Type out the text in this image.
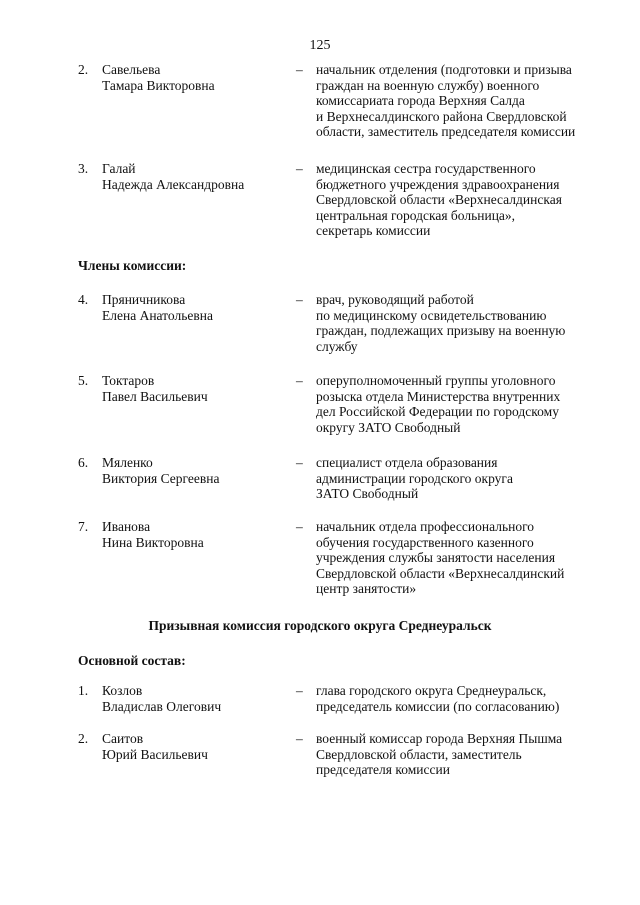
125
2.	Савельева
Тамара Викторовна
– начальник отделения (подготовки и призыва
граждан на военную службу) военного
комиссариата города Верхняя Салда
и Верхнесалдинского района Свердловской
области, заместитель председателя комиссии
3.	Галай
Надежда Александровна
– медицинская сестра государственного
бюджетного учреждения здравоохранения
Свердловской области «Верхнесалдинская
центральная городская больница»,
секретарь комиссии
Члены комиссии:
4.	Пряничникова
Елена Анатольевна
– врач, руководящий работой
по медицинскому освидетельствованию
граждан, подлежащих призыву на военную
службу
5.	Токтаров
Павел Васильевич
– оперуполномоченный группы уголовного
розыска отдела Министерства внутренних
дел Российской Федерации по городскому
округу ЗАТО Свободный
6.	Мяленко
Виктория Сергеевна
– специалист отдела образования
администрации городского округа
ЗАТО Свободный
7.	Иванова
Нина Викторовна
– начальник отдела профессионального
обучения государственного казенного
учреждения службы занятости населения
Свердловской области «Верхнесалдинский
центр занятости»
Призывная комиссия городского округа Среднеуральск
Основной состав:
1.	Козлов
Владислав Олегович
– глава городского округа Среднеуральск,
председатель комиссии (по согласованию)
2.	Саитов
Юрий Васильевич
– военный комиссар города Верхняя Пышма
Свердловской области, заместитель
председателя комиссии
